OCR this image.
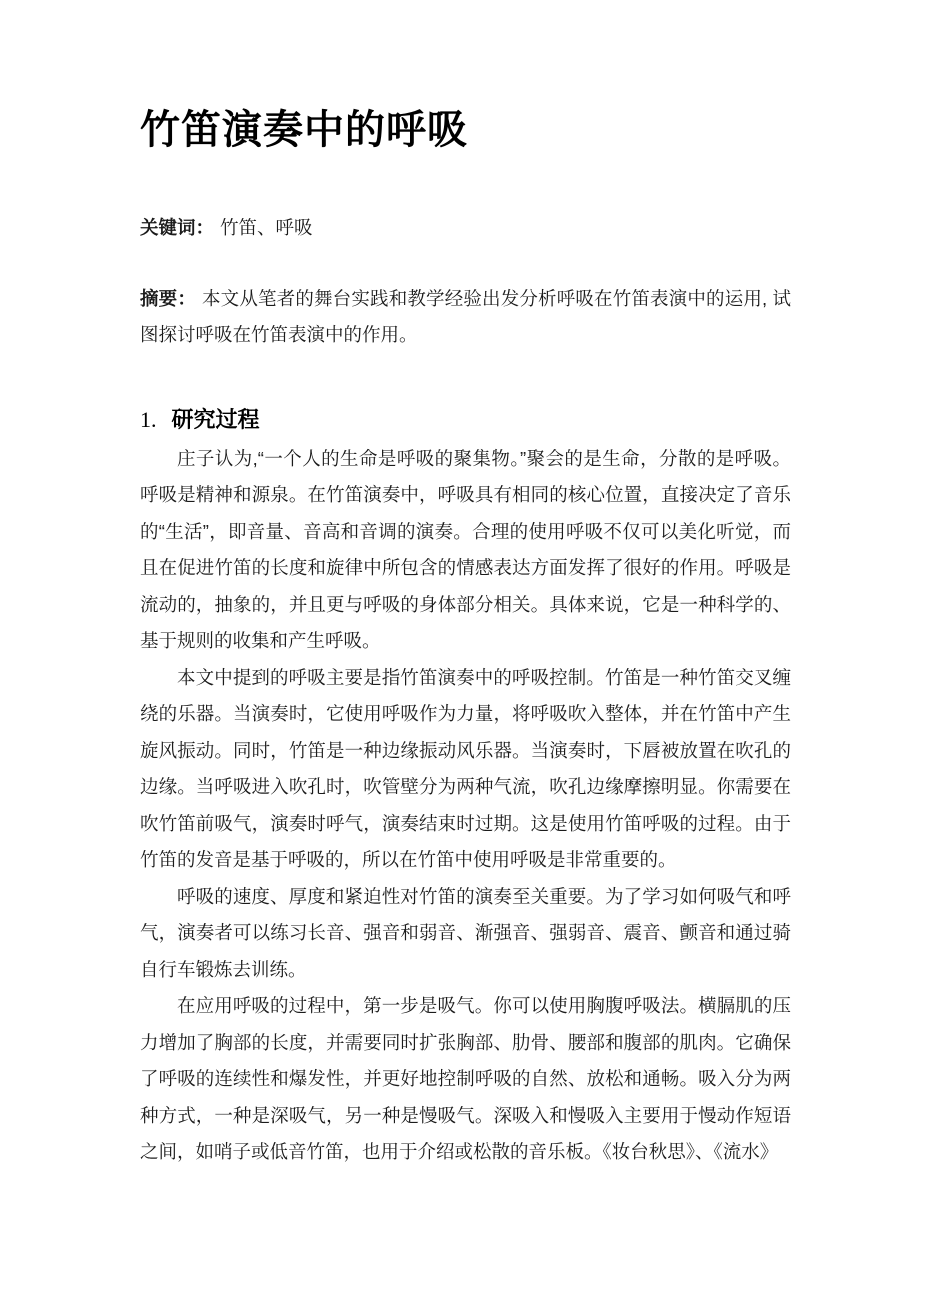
竹笛演奏中的呼吸

关键词： 竹笛、呼吸

摘要： 本文从笔者的舞台实践和教学经验出发分析呼吸在竹笛表演中的运用, 试图探讨呼吸在竹笛表演中的作用。

1. 研究过程

庄子认为,“一个人的生命是呼吸的聚集物。”聚会的是生命，分散的是呼吸。呼吸是精神和源泉。在竹笛演奏中，呼吸具有相同的核心位置，直接决定了音乐的“生活”，即音量、音高和音调的演奏。合理的使用呼吸不仅可以美化听觉，而且在促进竹笛的长度和旋律中所包含的情感表达方面发挥了很好的作用。呼吸是流动的，抽象的，并且更与呼吸的身体部分相关。具体来说，它是一种科学的、基于规则的收集和产生呼吸。

本文中提到的呼吸主要是指竹笛演奏中的呼吸控制。竹笛是一种竹笛交叉缠绕的乐器。当演奏时，它使用呼吸作为力量，将呼吸吹入整体，并在竹笛中产生旋风振动。同时，竹笛是一种边缘振动风乐器。当演奏时，下唇被放置在吹孔的边缘。当呼吸进入吹孔时，吹管壁分为两种气流，吹孔边缘摩擦明显。你需要在吹竹笛前吸气，演奏时呼气，演奏结束时过期。这是使用竹笛呼吸的过程。由于竹笛的发音是基于呼吸的，所以在竹笛中使用呼吸是非常重要的。

呼吸的速度、厚度和紧迫性对竹笛的演奏至关重要。为了学习如何吸气和呼气，演奏者可以练习长音、强音和弱音、渐强音、强弱音、震音、颤音和通过骑自行车锻炼去训练。

在应用呼吸的过程中，第一步是吸气。你可以使用胸腹呼吸法。横膈肌的压力增加了胸部的长度，并需要同时扩张胸部、肋骨、腰部和腹部的肌肉。它确保了呼吸的连续性和爆发性，并更好地控制呼吸的自然、放松和通畅。吸入分为两种方式，一种是深吸气，另一种是慢吸气。深吸入和慢吸入主要用于慢动作短语之间，如哨子或低音竹笛，也用于介绍或松散的音乐板。《妆台秋思》、《流水》
